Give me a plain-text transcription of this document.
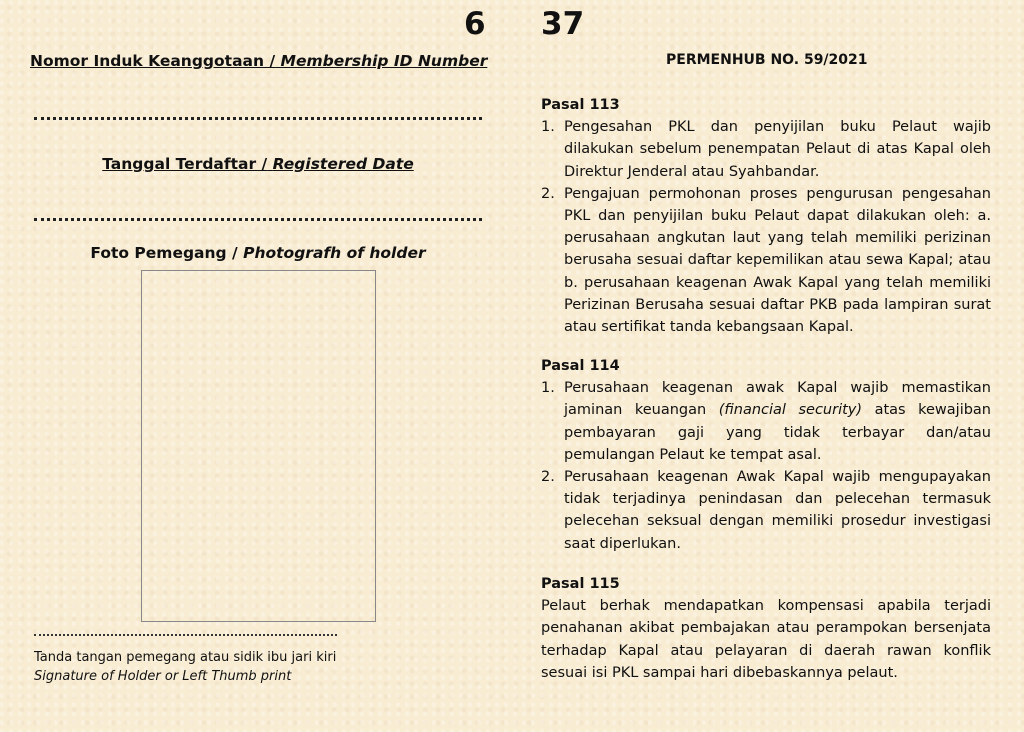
6 37
Nomor Induk Keanggotaan / Membership ID Number
Tanggal Terdaftar / Registered Date
Foto Pemegang / Photograf​h of holder
Tanda tangan pemegang atau sidik ibu jari kiri
Signature of Holder or Left Thumb print
PERMENHUB NO. 59/2021
Pasal 113
1. Pengesahan PKL dan penyijilan buku Pelaut wajib dilakukan sebelum penempatan Pelaut di atas Kapal oleh Direktur Jenderal atau Syahbandar.
2. Pengajuan permohonan proses pengurusan pengesahan PKL dan penyijilan buku Pelaut dapat dilakukan oleh: a. perusahaan angkutan laut yang telah memiliki perizinan berusaha sesuai daftar kepemilikan atau sewa Kapal; atau b. perusahaan keagenan Awak Kapal yang telah memiliki Perizinan Berusaha sesuai daftar PKB pada lampiran surat atau sertifikat tanda kebangsaan Kapal.
Pasal 114
1. Perusahaan keagenan awak Kapal wajib memastikan jaminan keuangan (financial security) atas kewajiban pembayaran gaji yang tidak terbayar dan/atau pemulangan Pelaut ke tempat asal.
2. Perusahaan keagenan Awak Kapal wajib mengupayakan tidak terjadinya penindasan dan pelecehan termasuk pelecehan seksual dengan memiliki prosedur investigasi saat diperlukan.
Pasal 115

Pelaut berhak mendapatkan kompensasi apabila terjadi penahanan akibat pembajakan atau perampokan bersenjata terhadap Kapal atau pelayaran di daerah rawan konflik sesuai isi PKL sampai hari dibebaskannya pelaut.
